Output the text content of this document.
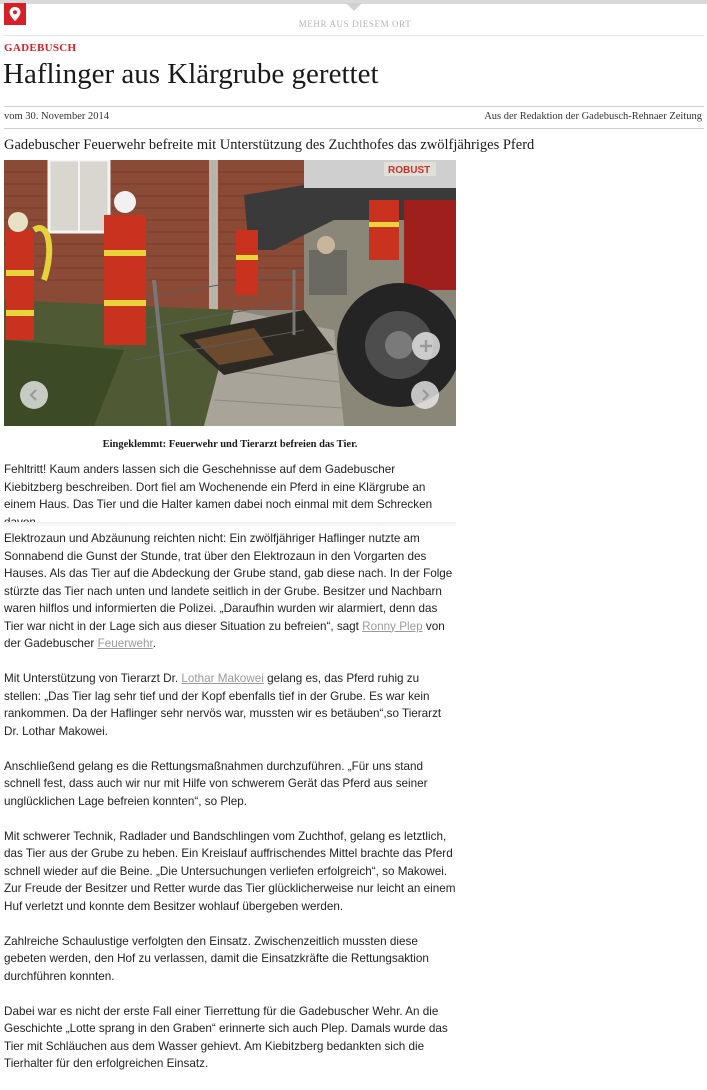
MEHR AUS DIESEM ORT
GADEBUSCH
Haflinger aus Klärgrube gerettet
vom 30. November 2014	Aus der Redaktion der Gadebusch-Rehnaer Zeitung
Gadebuscher Feuerwehr befreite mit Unterstützung des Zuchthofes das zwölfjähriges Pferd
ROBUST
Eingeklemmt: Feuerwehr und Tierarzt befreien das Tier.

Fehltritt! Kaum anders lassen sich die Geschehnisse auf dem Gadebuscher Kiebitzberg beschreiben. Dort fiel am Wochenende ein Pferd in eine Klärgrube an einem Haus. Das Tier und die Halter kamen dabei noch einmal mit dem Schrecken

Elektrozaun und Abzäunung reichten nicht: Ein zwölfjähriger Haflinger nutzte am Sonnabend die Gunst der Stunde, trat über den Elektrozaun in den Vorgarten des Hauses. Als das Tier auf die Abdeckung der Grube stand, gab diese nach. In der Folge stürzte das Tier nach unten und landete seitlich in der Grube. Besitzer und Nachbarn waren hilflos und informierten die Polizei. „Daraufhin wurden wir alarmiert, denn das Tier war nicht in der Lage sich aus dieser Situation zu befreien“, sagt Ronny Plep von der Gadebuscher Feuerwehr.

Mit Unterstützung von Tierarzt Dr. Lothar Makowei gelang es, das Pferd ruhig zu stellen: „Das Tier lag sehr tief und der Kopf ebenfalls tief in der Grube. Es war kein rankommen. Da der Haflinger sehr nervös war, mussten wir es betäuben“,so Tierarzt Dr. Lothar Makowei.

Anschließend gelang es die Rettungsmaßnahmen durchzuführen. „Für uns stand schnell fest, dass auch wir nur mit Hilfe von schwerem Gerät das Pferd aus seiner unglücklichen Lage befreien konnten“, so Plep.

Mit schwerer Technik, Radlader und Bandschlingen vom Zuchthof, gelang es letztlich, das Tier aus der Grube zu heben. Ein Kreislauf auffrischendes Mittel brachte das Pferd schnell wieder auf die Beine. „Die Untersuchungen verliefen erfolgreich“, so Makowei. Zur Freude der Besitzer und Retter wurde das Tier glücklicherweise nur leicht an einem Huf verletzt und konnte dem Besitzer wohlauf übergeben werden.

Zahlreiche Schaulustige verfolgten den Einsatz. Zwischenzeitlich mussten diese gebeten werden, den Hof zu verlassen, damit die Einsatzkräfte die Rettungsaktion durchführen konnten.

Dabei war es nicht der erste Fall einer Tierrettung für die Gadebuscher Wehr. An die Geschichte „Lotte sprang in den Graben“ erinnerte sich auch Plep. Damals wurde das Tier mit Schläuchen aus dem Wasser gehievt. Am Kiebitzberg bedankten sich die Tierhalter für den erfolgreichen Einsatz.
